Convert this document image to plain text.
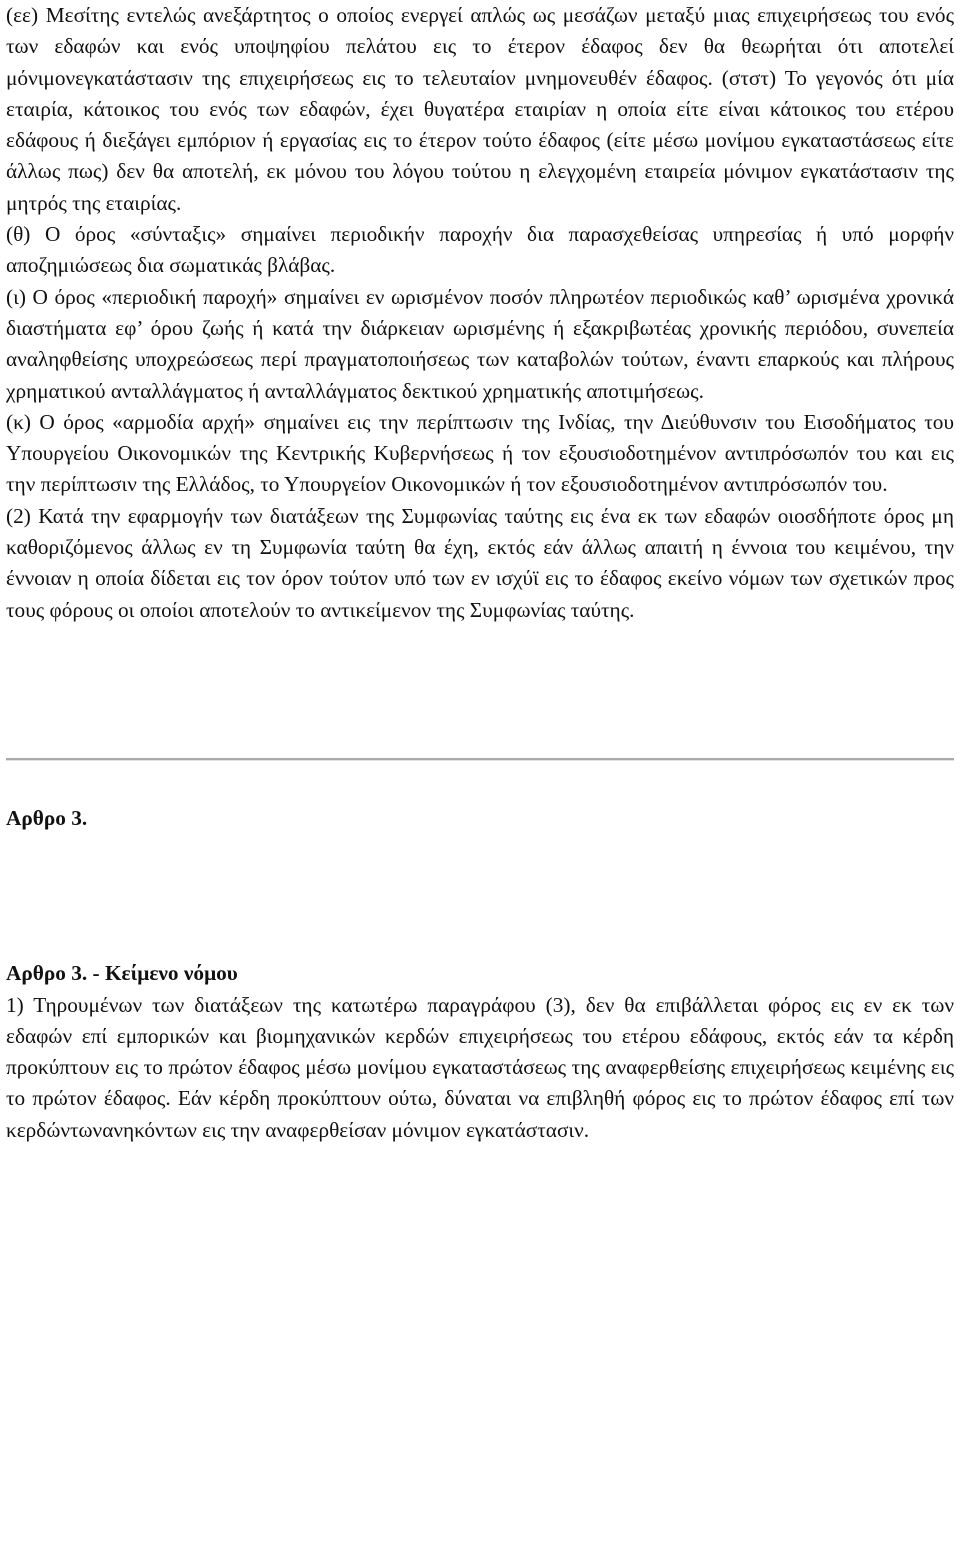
(εε) Μεσίτης εντελώς ανεξάρτητος ο οποίος ενεργεί απλώς ως μεσάζων μεταξύ μιας επιχειρήσεως του ενός των εδαφών και ενός υποψηφίου πελάτου εις το έτερον έδαφος δεν θα θεωρήται ότι αποτελεί μόνιμονεγκατάστασιν της επιχειρήσεως εις το τελευταίον μνημονευθέν έδαφος. (στστ) Το γεγονός ότι μία εταιρία, κάτοικος του ενός των εδαφών, έχει θυγατέρα εταιρίαν η οποία είτε είναι κάτοικος του ετέρου εδάφους ή διεξάγει εμπόριον ή εργασίας εις το έτερον τούτο έδαφος (είτε μέσω μονίμου εγκαταστάσεως είτε άλλως πως) δεν θα αποτελή, εκ μόνου του λόγου τούτου η ελεγχομένη εταιρεία μόνιμον εγκατάστασιν της μητρός της εταιρίας.

(θ) Ο όρος «σύνταξις» σημαίνει περιοδικήν παροχήν δια παρασχεθείσας υπηρεσίας ή υπό μορφήν αποζημιώσεως δια σωματικάς βλάβας.

(ι) Ο όρος «περιοδική παροχή» σημαίνει εν ωρισμένον ποσόν πληρωτέον περιοδικώς καθ’ ωρισμένα χρονικά διαστήματα εφ’ όρου ζωής ή κατά την διάρκειαν ωρισμένης ή εξακριβωτέας χρονικής περιόδου, συνεπεία αναληφθείσης υποχρεώσεως περί πραγματοποιήσεως των καταβολών τούτων, έναντι επαρκούς και πλήρους χρηματικού ανταλλάγματος ή ανταλλάγματος δεκτικού χρηματικής αποτιμήσεως.

(κ) Ο όρος «αρμοδία αρχή» σημαίνει εις την περίπτωσιν της Ινδίας, την Διεύθυνσιν του Εισοδήματος του Υπουργείου Οικονομικών της Κεντρικής Κυβερνήσεως ή τον εξουσιοδοτημένον αντιπρόσωπόν του και εις την περίπτωσιν της Ελλάδος, το Υπουργείον Οικονομικών ή τον εξουσιοδοτημένον αντιπρόσωπόν του.

(2) Κατά την εφαρμογήν των διατάξεων της Συμφωνίας ταύτης εις ένα εκ των εδαφών οιοσδήποτε όρος μη καθοριζόμενος άλλως εν τη Συμφωνία ταύτη θα έχη, εκτός εάν άλλως απαιτή η έννοια του κειμένου, την έννοιαν η οποία δίδεται εις τον όρον τούτον υπό των εν ισχύϊ εις το έδαφος εκείνο νόμων των σχετικών προς τους φόρους οι οποίοι αποτελούν το αντικείμενον της Συμφωνίας ταύτης.

Αρθρο 3.
Αρθρο 3. - Κείμενο νόμου

1) Τηρουμένων των διατάξεων της κατωτέρω παραγράφου (3), δεν θα επιβάλλεται φόρος εις εν εκ των εδαφών επί εμπορικών και βιομηχανικών κερδών επιχειρήσεως του ετέρου εδάφους, εκτός εάν τα κέρδη προκύπτουν εις το πρώτον έδαφος μέσω μονίμου εγκαταστάσεως της αναφερθείσης επιχειρήσεως κειμένης εις το πρώτον έδαφος. Εάν κέρδη προκύπτουν ούτω, δύναται να επιβληθή φόρος εις το πρώτον έδαφος επί των κερδώντωνανηκόντων εις την αναφερθείσαν μόνιμον εγκατάστασιν.
